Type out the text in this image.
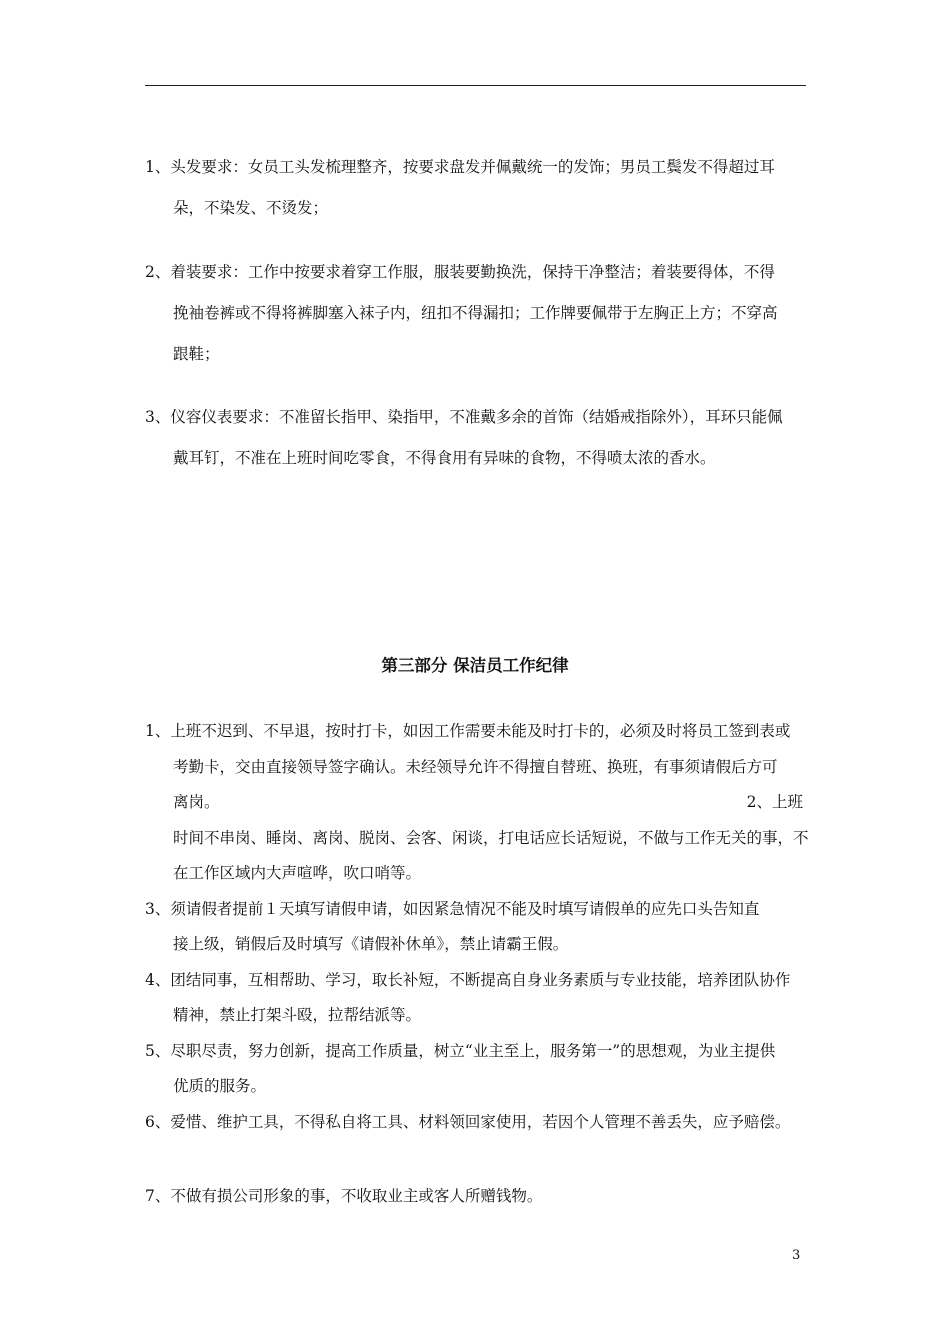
1、头发要求：女员工头发梳理整齐，按要求盘发并佩戴统一的发饰；男员工鬓发不得超过耳
朵，不染发、不烫发；
2、着装要求：工作中按要求着穿工作服，服装要勤换洗，保持干净整洁；着装要得体，不得
挽袖卷裤或不得将裤脚塞入袜子内，纽扣不得漏扣；工作牌要佩带于左胸正上方；不穿高
跟鞋；
3、仪容仪表要求：不准留长指甲、染指甲，不准戴多余的首饰（结婚戒指除外），耳环只能佩
戴耳钉，不准在上班时间吃零食，不得食用有异味的食物，不得喷太浓的香水。
第三部分 保洁员工作纪律
1、上班不迟到、不早退，按时打卡，如因工作需要未能及时打卡的，必须及时将员工签到表或
考勤卡，交由直接领导签字确认。未经领导允许不得擅自替班、换班，有事须请假后方可
离岗。	2、上班
时间不串岗、睡岗、离岗、脱岗、会客、闲谈，打电话应长话短说，不做与工作无关的事，不
在工作区域内大声喧哗，吹口哨等。
3、须请假者提前１天填写请假申请，如因紧急情况不能及时填写请假单的应先口头告知直
接上级，销假后及时填写《请假补休单》，禁止请霸王假。
4、团结同事，互相帮助、学习，取长补短，不断提高自身业务素质与专业技能，培养团队协作
精神，禁止打架斗殴，拉帮结派等。
5、尽职尽责，努力创新，提高工作质量，树立“业主至上，服务第一”的思想观，为业主提供
优质的服务。
6、爱惜、维护工具，不得私自将工具、材料领回家使用，若因个人管理不善丢失，应予赔偿。
7、不做有损公司形象的事，不收取业主或客人所赠钱物。
3
